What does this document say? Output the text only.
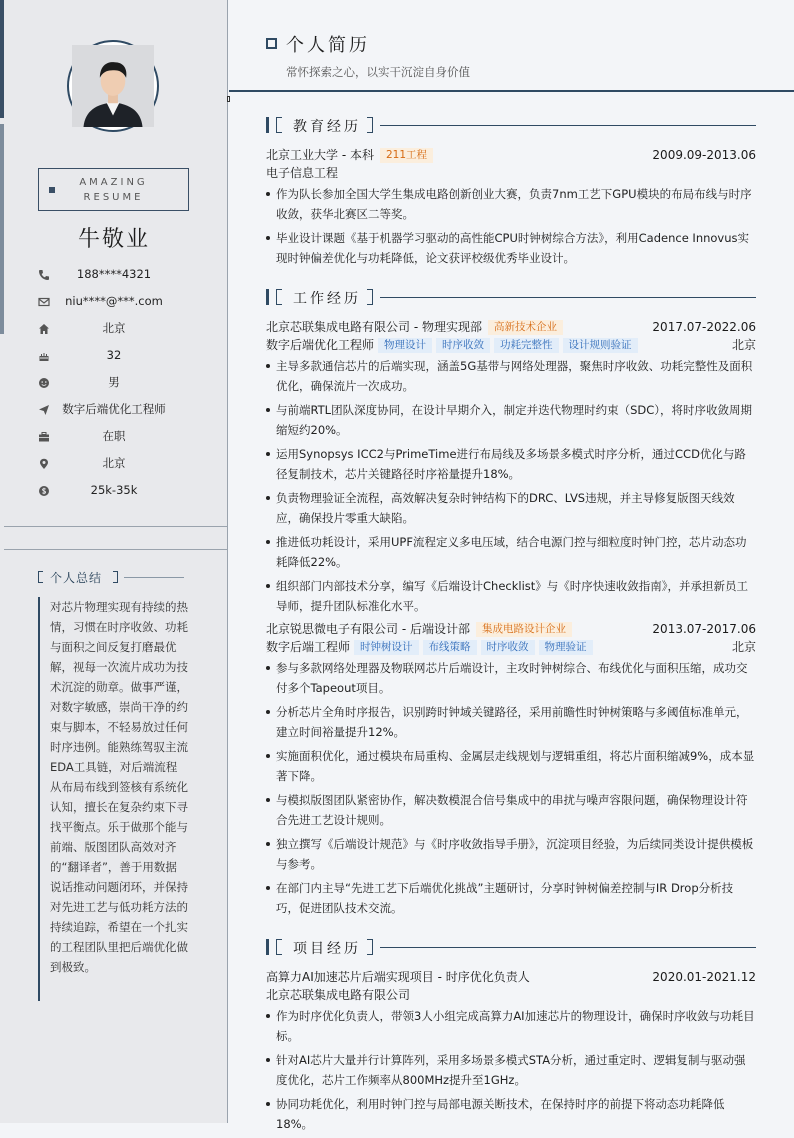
AMAZING
RESUME
牛敬业
188****4321
niu****@***.com
北京
32
男
数字后端优化工程师
在职
北京
25k-35k
个人总结
对芯片物理实现有持续的热情，习惯在时序收敛、功耗与面积之间反复打磨最优解，视每一次流片成功为技术沉淀的勋章。做事严谨，对数字敏感，崇尚干净的约束与脚本，不轻易放过任何时序违例。能熟练驾驭主流EDA工具链，对后端流程从布局布线到签核有系统化认知，擅长在复杂约束下寻找平衡点。乐于做那个能与前端、版图团队高效对齐的“翻译者”，善于用数据说话推动问题闭环，并保持对先进工艺与低功耗方法的持续追踪，希望在一个扎实的工程团队里把后端优化做到极致。
个人简历
常怀探索之心，以实干沉淀自身价值
教育经历
北京工业大学 - 本科 211工程	2009.09-2013.06
电子信息工程
作为队长参加全国大学生集成电路创新创业大赛，负责7nm工艺下GPU模块的布局布线与时序收敛，获华北赛区二等奖。
毕业设计课题《基于机器学习驱动的高性能CPU时钟树综合方法》，利用Cadence Innovus实现时钟偏差优化与功耗降低，论文获评校级优秀毕业设计。
工作经历
北京芯联集成电路有限公司 - 物理实现部 高新技术企业	2017.07-2022.06
数字后端优化工程师 物理设计 时序收敛 功耗完整性 设计规则验证	北京
主导多款通信芯片的后端实现，涵盖5G基带与网络处理器，聚焦时序收敛、功耗完整性及面积优化，确保流片一次成功。
与前端RTL团队深度协同，在设计早期介入，制定并迭代物理时约束（SDC），将时序收敛周期缩短约20%。
运用Synopsys ICC2与PrimeTime进行布局线及多场景多模式时序分析，通过CCD优化与路径复制技术，芯片关键路径时序裕量提升18%。
负责物理验证全流程，高效解决复杂时钟结构下的DRC、LVS违规，并主导修复版图天线效应，确保投片零重大缺陷。
推进低功耗设计，采用UPF流程定义多电压域，结合电源门控与细粒度时钟门控，芯片动态功耗降低22%。
组织部门内部技术分享，编写《后端设计Checklist》与《时序快速收敛指南》，并承担新员工导师，提升团队标准化水平。
北京锐思微电子有限公司 - 后端设计部 集成电路设计企业	2013.07-2017.06
数字后端工程师 时钟树设计 布线策略 时序收敛 物理验证	北京
参与多款网络处理器及物联网芯片后端设计，主攻时钟树综合、布线优化与面积压缩，成功交付多个Tapeout项目。
分析芯片全角时序报告，识别跨时钟域关键路径，采用前瞻性时钟树策略与多阈值标准单元，建立时间裕量提升12%。
实施面积优化，通过模块布局重构、金属层走线规划与逻辑重组，将芯片面积缩减9%，成本显著下降。
与模拟版图团队紧密协作，解决数模混合信号集成中的串扰与噪声容限问题，确保物理设计符合先进工艺设计规则。
独立撰写《后端设计规范》与《时序收敛指导手册》，沉淀项目经验，为后续同类设计提供模板与参考。
在部门内主导“先进工艺下后端优化挑战”主题研讨，分享时钟树偏差控制与IR Drop分析技巧，促进团队技术交流。
项目经历
高算力AI加速芯片后端实现项目 - 时序优化负责人	2020.01-2021.12
北京芯联集成电路有限公司
作为时序优化负责人，带领3人小组完成高算力AI加速芯片的物理设计，确保时序收敛与功耗目标。
针对AI芯片大量并行计算阵列，采用多场景多模式STA分析，通过重定时、逻辑复制与驱动强度优化，芯片工作频率从800MHz提升至1GHz。
协同功耗优化，利用时钟门控与局部电源关断技术，在保持时序的前提下将动态功耗降低18%。
